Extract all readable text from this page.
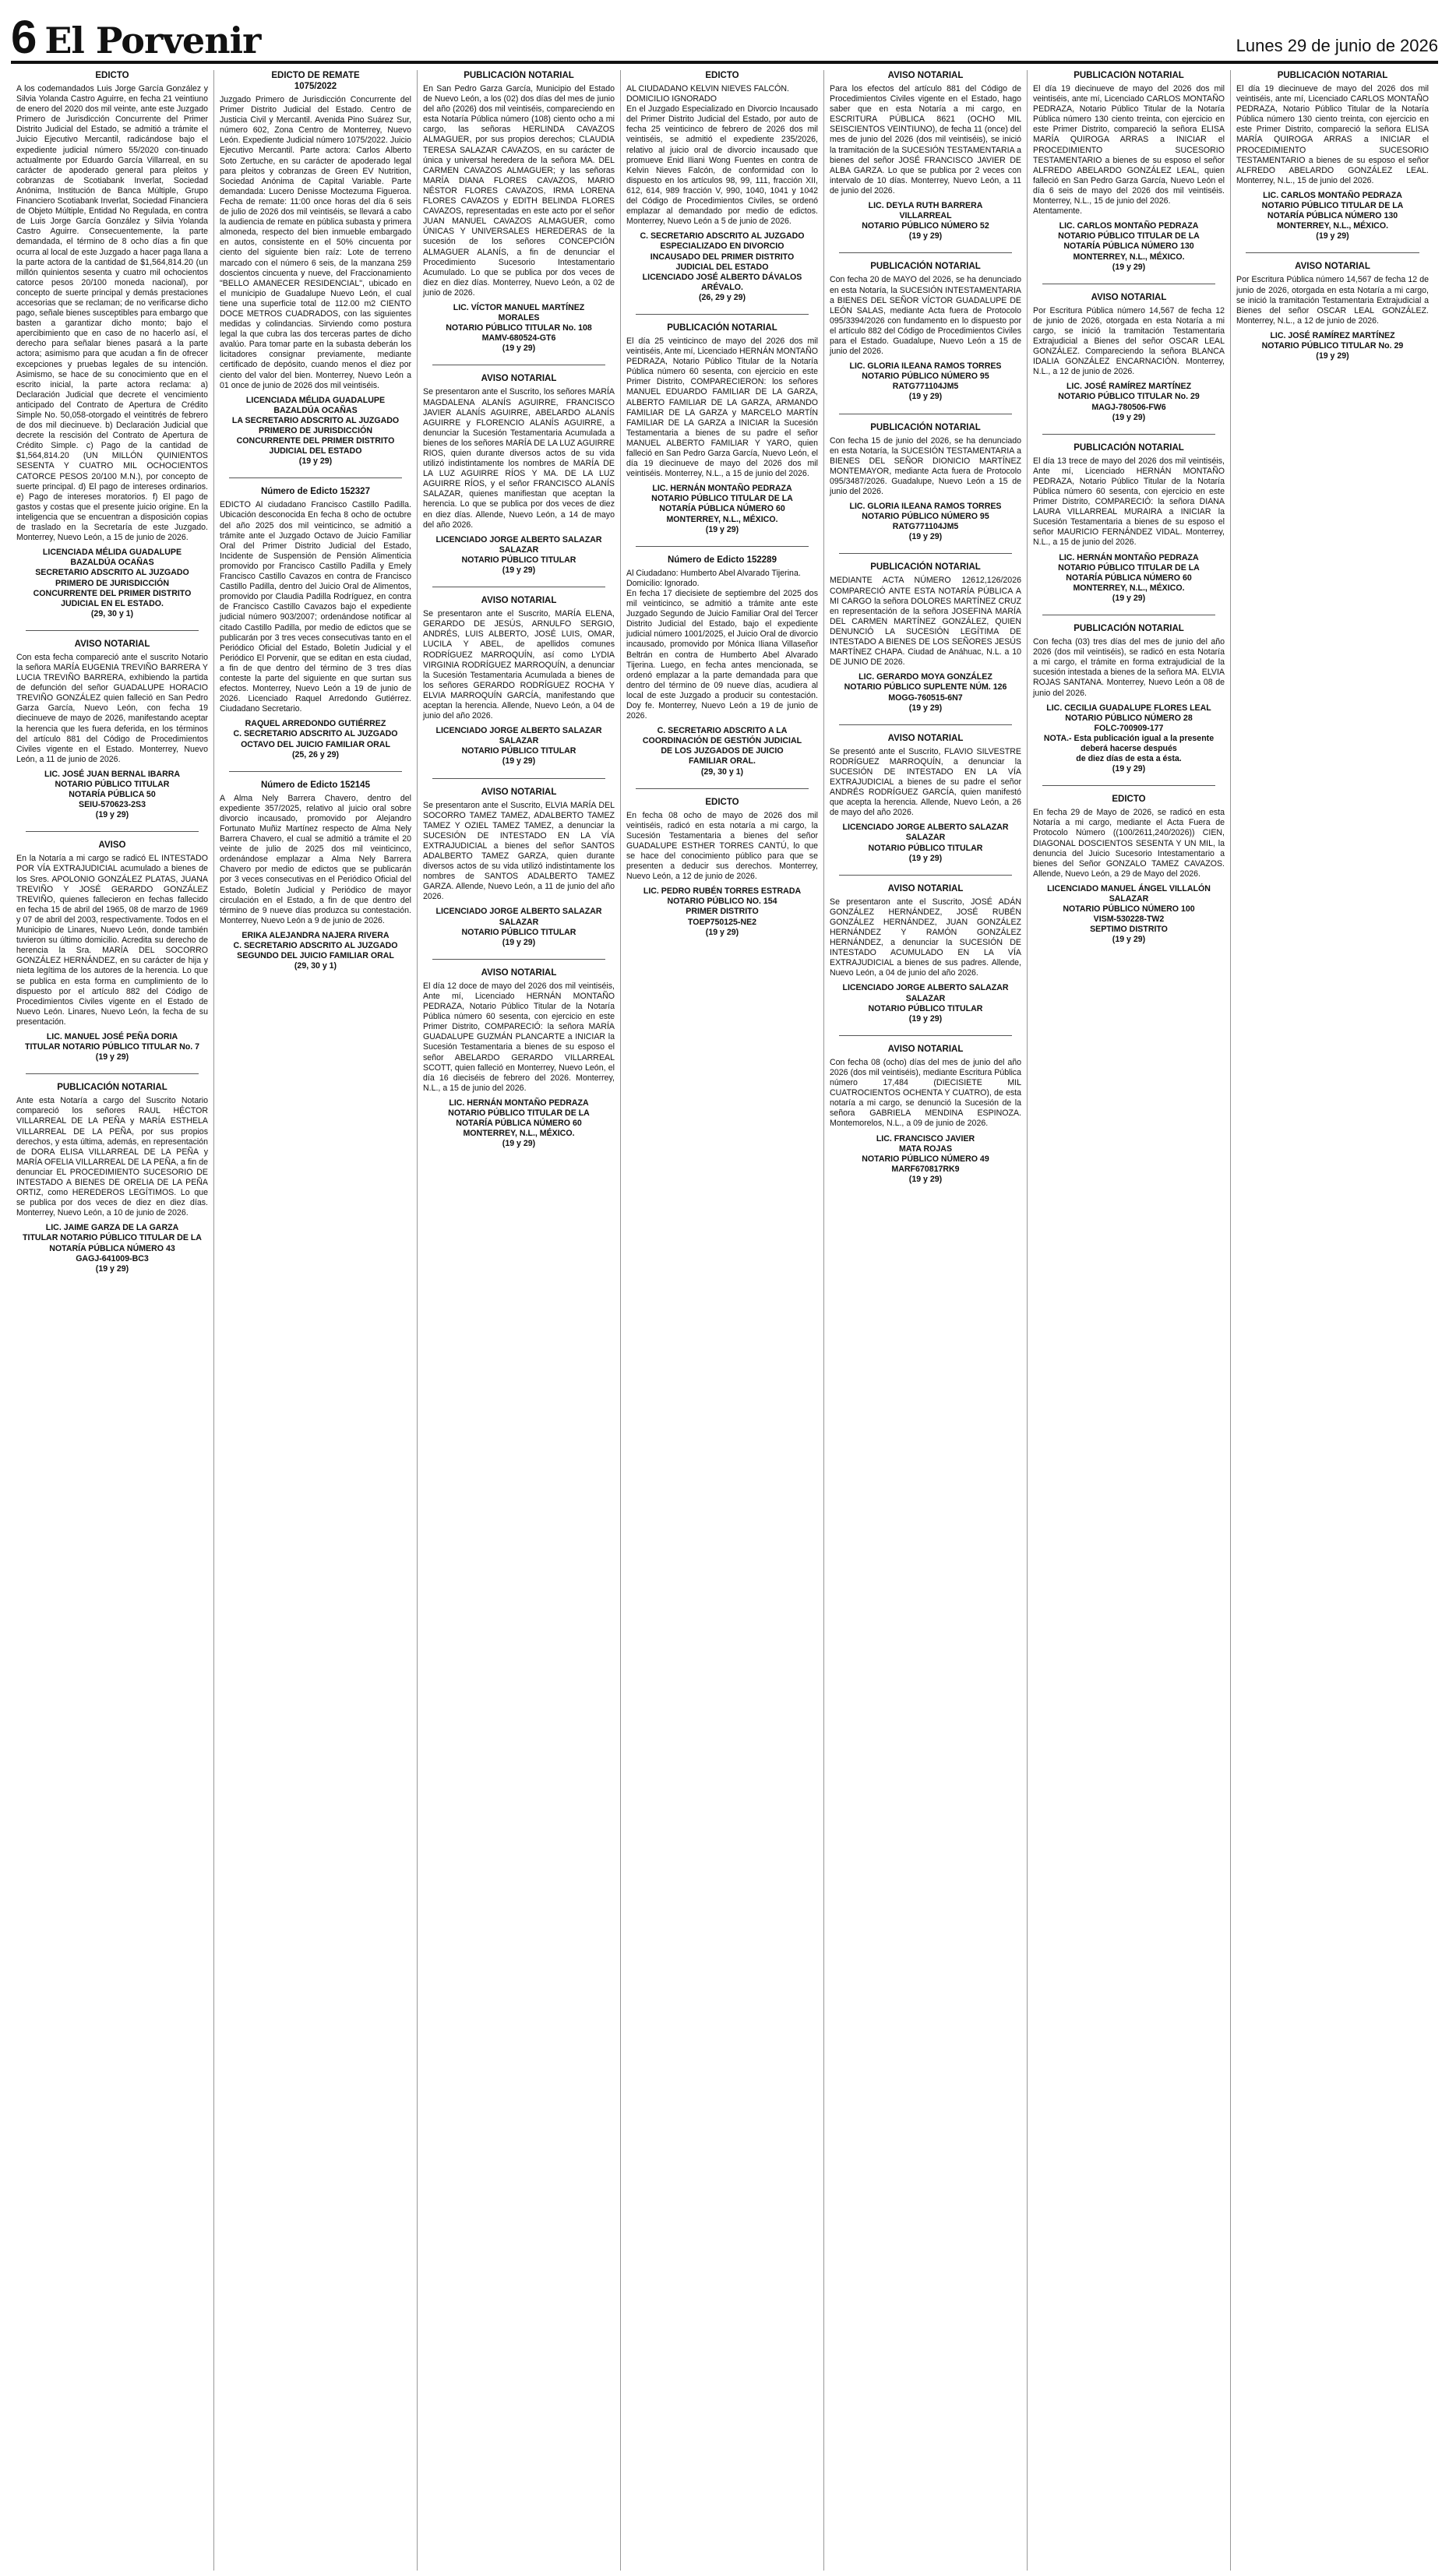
6 El Porvenir	Lunes 29 de junio de 2026

EDICTO

A los codemandados Luis Jorge García González y Silvia Yolanda Castro Aguirre, en fecha 21 veintiuno de enero del 2020 dos mil veinte, ante este Juzgado Primero de Jurisdicción Concurrente del Primer Distrito Judicial del Estado, se admitió a trámite el Juicio Ejecutivo Mercantil, radicándose bajo el expediente judicial número 55/2020 con-tinuado actualmente por Eduardo García Villarreal, en su carácter de apoderado general para pleitos y cobranzas de Scotiabank Inverlat, Sociedad Anónima, Institución de Banca Múltiple, Grupo Financiero Scotiabank Inverlat, Sociedad Financiera de Objeto Múltiple, Entidad No Regulada, en contra de Luis Jorge García González y Silvia Yolanda Castro Aguirre. Consecuentemente, la parte demandada, el término de 8 ocho días a fin que ocurra al local de este Juzgado a hacer paga llana a la parte actora de la cantidad de $1,564,814.20 (un millón quinientos sesenta y cuatro mil ochocientos catorce pesos 20/100 moneda nacional), por concepto de suerte principal y demás prestaciones accesorias que se reclaman; de no verificarse dicho pago, señale bienes susceptibles para embargo que basten a garantizar dicho monto; bajo el apercibimiento que en caso de no hacerlo así, el derecho para señalar bienes pasará a la parte actora; asimismo para que acudan a fin de ofrecer excepciones y pruebas legales de su intención. Asimismo, se hace de su conocimiento que en el escrito inicial, la parte actora reclama: a) Declaración Judicial que decrete el vencimiento anticipado del Contrato de Apertura de Crédito Simple No. 50,058-otorgado el veintitrés de febrero de dos mil diecinueve. b) Declaración Judicial que decrete la rescisión del Contrato de Apertura de Crédito Simple. c) Pago de la cantidad de $1,564,814.20 (UN MILLÓN QUINIENTOS SESENTA Y CUATRO MIL OCHOCIENTOS CATORCE PESOS 20/100 M.N.), por concepto de suerte principal. d) El pago de intereses ordinarios. e) Pago de intereses moratorios. f) El pago de gastos y costas que el presente juicio origine. En la inteligencia que se encuentran a disposición copias de traslado en la Secretaría de este Juzgado. Monterrey, Nuevo León, a 15 de junio de 2026.

LICENCIADA MÉLIDA GUADALUPE
BAZALDÚA OCAÑAS
SECRETARIO ADSCRITO AL JUZGADO
PRIMERO DE JURISDICCIÓN
CONCURRENTE DEL PRIMER DISTRITO
JUDICIAL EN EL ESTADO.
(29, 30 y 1)

AVISO NOTARIAL

Con esta fecha compareció ante el suscrito Notario la señora MARÍA EUGENIA TREVIÑO BARRERA Y LUCIA TREVIÑO BARRERA, exhibiendo la partida de defunción del señor GUADALUPE HORACIO TREVIÑO GONZÁLEZ quien falleció en San Pedro Garza García, Nuevo León, con fecha 19 diecinueve de mayo de 2026, manifestando aceptar la herencia que les fuera deferida, en los términos del artículo 881 del Código de Procedimientos Civiles vigente en el Estado. Monterrey, Nuevo León, a 11 de junio de 2026.

LIC. JOSÉ JUAN BERNAL IBARRA
NOTARIO PÚBLICO TITULAR
NOTARÍA PÚBLICA 50
SEIU-570623-2S3
(19 y 29)

AVISO

En la Notaría a mi cargo se radicó EL INTESTADO POR VÍA EXTRAJUDICIAL acumulado a bienes de los Sres. APOLONIO GONZÁLEZ PLATAS, JUANA TREVIÑO Y JOSÉ GERARDO GONZÁLEZ TREVIÑO, quienes fallecieron en fechas fallecido en fecha 15 de abril del 1965, 08 de marzo de 1969 y 07 de abril del 2003, respectivamente. Todos en el Municipio de Linares, Nuevo León, donde también tuvieron su último domicilio. Acredita su derecho de herencia la Sra. MARÍA DEL SOCORRO GONZÁLEZ HERNÁNDEZ, en su carácter de hija y nieta legítima de los autores de la herencia. Lo que se publica en esta forma en cumplimiento de lo dispuesto por el artículo 882 del Código de Procedimientos Civiles vigente en el Estado de Nuevo León. Linares, Nuevo León, la fecha de su presentación.

LIC. MANUEL JOSÉ PEÑA DORIA
TITULAR NOTARIO PÚBLICO TITULAR No. 7
(19 y 29)

PUBLICACIÓN NOTARIAL

Ante esta Notaría a cargo del Suscrito Notario compareció los señores RAUL HÉCTOR VILLARREAL DE LA PEÑA y MARÍA ESTHELA VILLARREAL DE LA PEÑA, por sus propios derechos, y esta última, además, en representación de DORA ELISA VILLARREAL DE LA PEÑA y MARÍA OFELIA VILLARREAL DE LA PEÑA, a fin de denunciar EL PROCEDIMIENTO SUCESORIO DE INTESTADO A BIENES DE ORELIA DE LA PEÑA ORTIZ, como HEREDEROS LEGÍTIMOS. Lo que se publica por dos veces de diez en diez días. Monterrey, Nuevo León, a 10 de junio de 2026.

LIC. JAIME GARZA DE LA GARZA
TITULAR NOTARIO PÚBLICO TITULAR DE LA
NOTARÍA PÚBLICA NÚMERO 43
GAGJ-641009-BC3
(19 y 29)

EDICTO DE REMATE
1075/2022

Juzgado Primero de Jurisdicción Concurrente del Primer Distrito Judicial del Estado. Centro de Justicia Civil y Mercantil. Avenida Pino Suárez Sur, número 602, Zona Centro de Monterrey, Nuevo León. Expediente Judicial número 1075/2022. Juicio Ejecutivo Mercantil. Parte actora: Carlos Alberto Soto Zertuche, en su carácter de apoderado legal para pleitos y cobranzas de Green EV Nutrition, Sociedad Anónima de Capital Variable. Parte demandada: Lucero Denisse Moctezuma Figueroa. Fecha de remate: 11:00 once horas del día 6 seis de julio de 2026 dos mil veintiséis, se llevará a cabo la audiencia de remate en pública subasta y primera almoneda, respecto del bien inmueble embargado en autos, consistente en el 50% cincuenta por ciento del siguiente bien raíz: Lote de terreno marcado con el número 6 seis, de la manzana 259 doscientos cincuenta y nueve, del Fraccionamiento "BELLO AMANECER RESIDENCIAL", ubicado en el municipio de Guadalupe Nuevo León, el cual tiene una superficie total de 112.00 m2 CIENTO DOCE METROS CUADRADOS, con las siguientes medidas y colindancias. Sirviendo como postura legal la que cubra las dos terceras partes de dicho avalúo. Para tomar parte en la subasta deberán los licitadores consignar previamente, mediante certificado de depósito, cuando menos el diez por ciento del valor del bien. Monterrey, Nuevo León a 01 once de junio de 2026 dos mil veintiséis.

LICENCIADA MÉLIDA GUADALUPE
BAZALDÚA OCAÑAS
LA SECRETARIO ADSCRITO AL JUZGADO
PRIMERO DE JURISDICCIÓN
CONCURRENTE DEL PRIMER DISTRITO
JUDICIAL DEL ESTADO
(19 y 29)

Número de Edicto 152327

EDICTO Al ciudadano Francisco Castillo Padilla. Ubicación desconocida En fecha 8 ocho de octubre del año 2025 dos mil veinticinco, se admitió a trámite ante el Juzgado Octavo de Juicio Familiar Oral del Primer Distrito Judicial del Estado, Incidente de Suspensión de Pensión Alimenticia promovido por Francisco Castillo Padilla y Emely Francisco Castillo Cavazos en contra de Francisco Castillo Padilla, dentro del Juicio Oral de Alimentos, promovido por Claudia Padilla Rodríguez, en contra de Francisco Castillo Cavazos bajo el expediente judicial número 903/2007; ordenándose notificar al citado Castillo Padilla, por medio de edictos que se publicarán por 3 tres veces consecutivas tanto en el Periódico Oficial del Estado, Boletín Judicial y el Periódico El Porvenir, que se editan en esta ciudad, a fin de que dentro del término de 3 tres días conteste la parte del siguiente en que surtan sus efectos. Monterrey, Nuevo León a 19 de junio de 2026. Licenciado Raquel Arredondo Gutiérrez. Ciudadano Secretario.

RAQUEL ARREDONDO GUTIÉRREZ
C. SECRETARIO ADSCRITO AL JUZGADO
OCTAVO DEL JUICIO FAMILIAR ORAL
(25, 26 y 29)

Número de Edicto 152145

A Alma Nely Barrera Chavero, dentro del expediente 357/2025, relativo al juicio oral sobre divorcio incausado, promovido por Alejandro Fortunato Muñiz Martínez respecto de Alma Nely Barrera Chavero, el cual se admitió a trámite el 20 veinte de julio de 2025 dos mil veinticinco, ordenándose emplazar a Alma Nely Barrera Chavero por medio de edictos que se publicarán por 3 veces consecutivas en el Periódico Oficial del Estado, Boletín Judicial y Periódico de mayor circulación en el Estado, a fin de que dentro del término de 9 nueve días produzca su contestación. Monterrey, Nuevo León a 9 de junio de 2026.

ERIKA ALEJANDRA NAJERA RIVERA
C. SECRETARIO ADSCRITO AL JUZGADO
SEGUNDO DEL JUICIO FAMILIAR ORAL
(29, 30 y 1)

PUBLICACIÓN NOTARIAL

En San Pedro Garza García, Municipio del Estado de Nuevo León, a los (02) dos días del mes de junio del año (2026) dos mil veintiséis, compareciendo en esta Notaría Pública número (108) ciento ocho a mi cargo, las señoras HERLINDA CAVAZOS ALMAGUER, por sus propios derechos; CLAUDIA TERESA SALAZAR CAVAZOS, en su carácter de única y universal heredera de la señora MA. DEL CARMEN CAVAZOS ALMAGUER; y las señoras MARÍA DIANA FLORES CAVAZOS, MARIO NÉSTOR FLORES CAVAZOS, IRMA LORENA FLORES CAVAZOS y EDITH BELINDA FLORES CAVAZOS, representadas en este acto por el señor JUAN MANUEL CAVAZOS ALMAGUER, como ÚNICAS Y UNIVERSALES HEREDERAS de la sucesión de los señores CONCEPCIÓN ALMAGUER ALANÍS, a fin de denunciar el Procedimiento Sucesorio Intestamentario Acumulado. Lo que se publica por dos veces de diez en diez días. Monterrey, Nuevo León, a 02 de junio de 2026.

LIC. VÍCTOR MANUEL MARTÍNEZ
MORALES
NOTARIO PÚBLICO TITULAR No. 108
MAMV-680524-GT6
(19 y 29)

AVISO NOTARIAL

Se presentaron ante el Suscrito, los señores MARÍA MAGDALENA ALANÍS AGUIRRE, FRANCISCO JAVIER ALANÍS AGUIRRE, ABELARDO ALANÍS AGUIRRE y FLORENCIO ALANÍS AGUIRRE, a denunciar la Sucesión Testamentaria Acumulada a bienes de los señores MARÍA DE LA LUZ AGUIRRE RIOS, quien durante diversos actos de su vida utilizó indistintamente los nombres de MARÍA DE LA LUZ AGUIRRE RÍOS Y MA. DE LA LUZ AGUIRRE RÍOS, y el señor FRANCISCO ALANÍS SALAZAR, quienes manifiestan que aceptan la herencia. Lo que se publica por dos veces de diez en diez días. Allende, Nuevo León, a 14 de mayo del año 2026.

LICENCIADO JORGE ALBERTO SALAZAR
SALAZAR
NOTARIO PÚBLICO TITULAR
(19 y 29)

AVISO NOTARIAL

Se presentaron ante el Suscrito, MARÍA ELENA, GERARDO DE JESÚS, ARNULFO SERGIO, ANDRÉS, LUIS ALBERTO, JOSÉ LUIS, OMAR, LUCILA Y ABEL, de apellidos comunes RODRÍGUEZ MARROQUÍN, así como LYDIA VIRGINIA RODRÍGUEZ MARROQUÍN, a denunciar la Sucesión Testamentaria Acumulada a bienes de los señores GERARDO RODRÍGUEZ ROCHA Y ELVIA MARROQUÍN GARCÍA, manifestando que aceptan la herencia. Allende, Nuevo León, a 04 de junio del año 2026.

LICENCIADO JORGE ALBERTO SALAZAR
SALAZAR
NOTARIO PÚBLICO TITULAR
(19 y 29)

AVISO NOTARIAL

Se presentaron ante el Suscrito, ELVIA MARÍA DEL SOCORRO TAMEZ TAMEZ, ADALBERTO TAMEZ TAMEZ Y OZIEL TAMEZ TAMEZ, a denunciar la SUCESIÓN DE INTESTADO EN LA VÍA EXTRAJUDICIAL a bienes del señor SANTOS ADALBERTO TAMEZ GARZA, quien durante diversos actos de su vida utilizó indistintamente los nombres de SANTOS ADALBERTO TAMEZ GARZA. Allende, Nuevo León, a 11 de junio del año 2026.

LICENCIADO JORGE ALBERTO SALAZAR
SALAZAR
NOTARIO PÚBLICO TITULAR
(19 y 29)

AVISO NOTARIAL

El día 12 doce de mayo del 2026 dos mil veintiséis, Ante mí, Licenciado HERNÁN MONTAÑO PEDRAZA, Notario Público Titular de la Notaría Pública número 60 sesenta, con ejercicio en este Primer Distrito, COMPARECIÓ: la señora MARÍA GUADALUPE GUZMÁN PLANCARTE a INICIAR la Sucesión Testamentaria a bienes de su esposo el señor ABELARDO GERARDO VILLARREAL SCOTT, quien falleció en Monterrey, Nuevo León, el día 16 dieciséis de febrero del 2026. Monterrey, N.L., a 15 de junio del 2026.

LIC. HERNÁN MONTAÑO PEDRAZA
NOTARIO PÚBLICO TITULAR DE LA
NOTARÍA PÚBLICA NÚMERO 60
MONTERREY, N.L., MÉXICO.
(19 y 29)

EDICTO

AL CIUDADANO KELVIN NIEVES FALCÓN.
DOMICILIO IGNORADO
En el Juzgado Especializado en Divorcio Incausado del Primer Distrito Judicial del Estado, por auto de fecha 25 veinticinco de febrero de 2026 dos mil veintiséis, se admitió el expediente 235/2026, relativo al juicio oral de divorcio incausado que promueve Enid Iliani Wong Fuentes en contra de Kelvin Nieves Falcón, de conformidad con lo dispuesto en los artículos 98, 99, 111, fracción XII, 612, 614, 989 fracción V, 990, 1040, 1041 y 1042 del Código de Procedimientos Civiles, se ordenó emplazar al demandado por medio de edictos. Monterrey, Nuevo León a 5 de junio de 2026.

C. SECRETARIO ADSCRITO AL JUZGADO
ESPECIALIZADO EN DIVORCIO
INCAUSADO DEL PRIMER DISTRITO
JUDICIAL DEL ESTADO
LICENCIADO JOSÉ ALBERTO DÁVALOS
ARÉVALO.
(26, 29 y 29)

PUBLICACIÓN NOTARIAL

El día 25 veinticinco de mayo del 2026 dos mil veintiséis, Ante mí, Licenciado HERNÁN MONTAÑO PEDRAZA, Notario Público Titular de la Notaría Pública número 60 sesenta, con ejercicio en este Primer Distrito, COMPARECIERON: los señores MANUEL EDUARDO FAMILIAR DE LA GARZA, ALBERTO FAMILIAR DE LA GARZA, ARMANDO FAMILIAR DE LA GARZA y MARCELO MARTÍN FAMILIAR DE LA GARZA a INICIAR la Sucesión Testamentaria a bienes de su padre el señor MANUEL ALBERTO FAMILIAR Y YARO, quien falleció en San Pedro Garza García, Nuevo León, el día 19 diecinueve de mayo del 2026 dos mil veintiséis. Monterrey, N.L., a 15 de junio del 2026.

LIC. HERNÁN MONTAÑO PEDRAZA
NOTARIO PÚBLICO TITULAR DE LA
NOTARÍA PÚBLICA NÚMERO 60
MONTERREY, N.L., MÉXICO.
(19 y 29)

Número de Edicto 152289

Al Ciudadano: Humberto Abel Alvarado Tijerina.
Domicilio: Ignorado.
En fecha 17 diecisiete de septiembre del 2025 dos mil veinticinco, se admitió a trámite ante este Juzgado Segundo de Juicio Familiar Oral del Tercer Distrito Judicial del Estado, bajo el expediente judicial número 1001/2025, el Juicio Oral de divorcio incausado, promovido por Mónica Iliana Villaseñor Beltrán en contra de Humberto Abel Alvarado Tijerina. Luego, en fecha antes mencionada, se ordenó emplazar a la parte demandada para que dentro del término de 09 nueve días, acudiera al local de este Juzgado a producir su contestación. Doy fe. Monterrey, Nuevo León a 19 de junio de 2026.

C. SECRETARIO ADSCRITO A LA
COORDINACIÓN DE GESTIÓN JUDICIAL
DE LOS JUZGADOS DE JUICIO
FAMILIAR ORAL.
(29, 30 y 1)

EDICTO

En fecha 08 ocho de mayo de 2026 dos mil veintiséis, radicó en esta notaría a mi cargo, la Sucesión Testamentaria a bienes del señor GUADALUPE ESTHER TORRES CANTÚ, lo que se hace del conocimiento público para que se presenten a deducir sus derechos. Monterrey, Nuevo León, a 12 de junio de 2026.

LIC. PEDRO RUBÉN TORRES ESTRADA
NOTARIO PÚBLICO NO. 154
PRIMER DISTRITO
TOEP750125-NE2
(19 y 29)

AVISO NOTARIAL

Para los efectos del artículo 881 del Código de Procedimientos Civiles vigente en el Estado, hago saber que en esta Notaría a mi cargo, en ESCRITURA PÚBLICA 8621 (OCHO MIL SEISCIENTOS VEINTIUNO), de fecha 11 (once) del mes de junio del 2026 (dos mil veintiséis), se inició la tramitación de la SUCESIÓN TESTAMENTARIA a bienes del señor JOSÉ FRANCISCO JAVIER DE ALBA GARZA. Lo que se publica por 2 veces con intervalo de 10 días. Monterrey, Nuevo León, a 11 de junio del 2026.

LIC. DEYLA RUTH BARRERA
VILLARREAL
NOTARIO PÚBLICO NÚMERO 52
(19 y 29)

PUBLICACIÓN NOTARIAL

Con fecha 20 de MAYO del 2026, se ha denunciado en esta Notaría, la SUCESIÓN INTESTAMENTARIA a BIENES DEL SEÑOR VÍCTOR GUADALUPE DE LEÓN SALAS, mediante Acta fuera de Protocolo 095/3394/2026 con fundamento en lo dispuesto por el artículo 882 del Código de Procedimientos Civiles para el Estado. Guadalupe, Nuevo León a 15 de junio del 2026.

LIC. GLORIA ILEANA RAMOS TORRES
NOTARIO PÚBLICO NÚMERO 95
RATG771104JM5
(19 y 29)

PUBLICACIÓN NOTARIAL

Con fecha 15 de junio del 2026, se ha denunciado en esta Notaría, la SUCESIÓN TESTAMENTARIA a BIENES DEL SEÑOR DIONICIO MARTÍNEZ MONTEMAYOR, mediante Acta fuera de Protocolo 095/3487/2026. Guadalupe, Nuevo León a 15 de junio del 2026.

LIC. GLORIA ILEANA RAMOS TORRES
NOTARIO PÚBLICO NÚMERO 95
RATG771104JM5
(19 y 29)

PUBLICACIÓN NOTARIAL

MEDIANTE ACTA NÚMERO 12612,126/2026 COMPARECIÓ ANTE ESTA NOTARÍA PÚBLICA A MI CARGO la señora DOLORES MARTÍNEZ CRUZ en representación de la señora JOSEFINA MARÍA DEL CARMEN MARTÍNEZ GONZÁLEZ, QUIEN DENUNCIÓ LA SUCESIÓN LEGÍTIMA DE INTESTADO A BIENES DE LOS SEÑORES JESÚS MARTÍNEZ CHAPA. Ciudad de Anáhuac, N.L. a 10 DE JUNIO DE 2026.

LIC. GERARDO MOYA GONZÁLEZ
NOTARIO PÚBLICO SUPLENTE NÚM. 126
MOGG-760515-6N7
(19 y 29)

AVISO NOTARIAL

Se presentó ante el Suscrito, FLAVIO SILVESTRE RODRÍGUEZ MARROQUÍN, a denunciar la SUCESIÓN DE INTESTADO EN LA VÍA EXTRAJUDICIAL a bienes de su padre el señor ANDRÉS RODRÍGUEZ GARCÍA, quien manifestó que acepta la herencia. Allende, Nuevo León, a 26 de mayo del año 2026.

LICENCIADO JORGE ALBERTO SALAZAR
SALAZAR
NOTARIO PÚBLICO TITULAR
(19 y 29)

AVISO NOTARIAL

Se presentaron ante el Suscrito, JOSÉ ADÁN GONZÁLEZ HERNÁNDEZ, JOSÉ RUBÉN GONZÁLEZ HERNÁNDEZ, JUAN GONZÁLEZ HERNÁNDEZ Y RAMÓN GONZÁLEZ HERNÁNDEZ, a denunciar la SUCESIÓN DE INTESTADO ACUMULADO EN LA VÍA EXTRAJUDICIAL a bienes de sus padres. Allende, Nuevo León, a 04 de junio del año 2026.

LICENCIADO JORGE ALBERTO SALAZAR
SALAZAR
NOTARIO PÚBLICO TITULAR
(19 y 29)

AVISO NOTARIAL

Con fecha 08 (ocho) días del mes de junio del año 2026 (dos mil veintiséis), mediante Escritura Pública número 17,484 (DIECISIETE MIL CUATROCIENTOS OCHENTA Y CUATRO), de esta notaría a mi cargo, se denunció la Sucesión de la señora GABRIELA MENDINA ESPINOZA. Montemorelos, N.L., a 09 de junio de 2026.

LIC. FRANCISCO JAVIER
MATA ROJAS
NOTARIO PÚBLICO NÚMERO 49
MARF670817RK9
(19 y 29)

PUBLICACIÓN NOTARIAL

El día 19 diecinueve de mayo del 2026 dos mil veintiséis, ante mí, Licenciado CARLOS MONTAÑO PEDRAZA, Notario Público Titular de la Notaría Pública número 130 ciento treinta, con ejercicio en este Primer Distrito, compareció la señora ELISA MARÍA QUIROGA ARRAS a INICIAR el PROCEDIMIENTO SUCESORIO TESTAMENTARIO a bienes de su esposo el señor ALFREDO ABELARDO GONZÁLEZ LEAL, quien falleció en San Pedro Garza García, Nuevo León el día 6 seis de mayo del 2026 dos mil veintiséis. Monterrey, N.L., 15 de junio del 2026.
Atentamente.

LIC. CARLOS MONTAÑO PEDRAZA
NOTARIO PÚBLICO TITULAR DE LA
NOTARÍA PÚBLICA NÚMERO 130
MONTERREY, N.L., MÉXICO.
(19 y 29)

AVISO NOTARIAL

Por Escritura Pública número 14,567 de fecha 12 de junio de 2026, otorgada en esta Notaría a mi cargo, se inició la tramitación Testamentaria Extrajudicial a Bienes del señor OSCAR LEAL GONZÁLEZ. Compareciendo la señora BLANCA IDALIA GONZÁLEZ ENCARNACIÓN. Monterrey, N.L., a 12 de junio de 2026.

LIC. JOSÉ RAMÍREZ MARTÍNEZ
NOTARIO PÚBLICO TITULAR No. 29
MAGJ-780506-FW6
(19 y 29)

PUBLICACIÓN NOTARIAL

El día 13 trece de mayo del 2026 dos mil veintiséis, Ante mí, Licenciado HERNÁN MONTAÑO PEDRAZA, Notario Público Titular de la Notaría Pública número 60 sesenta, con ejercicio en este Primer Distrito, COMPARECIÓ: la señora DIANA LAURA VILLARREAL MURAIRA a INICIAR la Sucesión Testamentaria a bienes de su esposo el señor MAURICIO FERNÁNDEZ VIDAL. Monterrey, N.L., a 15 de junio del 2026.

LIC. HERNÁN MONTAÑO PEDRAZA
NOTARIO PÚBLICO TITULAR DE LA
NOTARÍA PÚBLICA NÚMERO 60
MONTERREY, N.L., MÉXICO.
(19 y 29)

PUBLICACIÓN NOTARIAL

Con fecha (03) tres días del mes de junio del año 2026 (dos mil veintiséis), se radicó en esta Notaría a mi cargo, el trámite en forma extrajudicial de la sucesión intestada a bienes de la señora MA. ELVIA ROJAS SANTANA. Monterrey, Nuevo León a 08 de junio del 2026.

LIC. CECILIA GUADALUPE FLORES LEAL
NOTARIO PÚBLICO NÚMERO 28
FOLC-700909-177
NOTA.- Esta publicación igual a la presente deberá hacerse después
de diez días de esta a ésta.
(19 y 29)

EDICTO

En fecha 29 de Mayo de 2026, se radicó en esta Notaría a mi cargo, mediante el Acta Fuera de Protocolo Número ((100/2611,240/2026)) CIEN, DIAGONAL DOSCIENTOS SESENTA Y UN MIL, la denuncia del Juicio Sucesorio Intestamentario a bienes del Señor GONZALO TAMEZ CAVAZOS. Allende, Nuevo León, a 29 de Mayo del 2026.

LICENCIADO MANUEL ÁNGEL VILLALÓN
SALAZAR
NOTARIO PÚBLICO NÚMERO 100
VISM-530228-TW2
SEPTIMO DISTRITO
(19 y 29)

PUBLICACIÓN NOTARIAL

El día 19 diecinueve de mayo del 2026 dos mil veintiséis, ante mí, Licenciado CARLOS MONTAÑO PEDRAZA, Notario Público Titular de la Notaría Pública número 130 ciento treinta, con ejercicio en este Primer Distrito, compareció la señora ELISA MARÍA QUIROGA ARRAS a INICIAR el PROCEDIMIENTO SUCESORIO TESTAMENTARIO a bienes de su esposo el señor ALFREDO ABELARDO GONZÁLEZ LEAL. Monterrey, N.L., 15 de junio del 2026.

LIC. CARLOS MONTAÑO PEDRAZA
NOTARIO PÚBLICO TITULAR DE LA
NOTARÍA PÚBLICA NÚMERO 130
MONTERREY, N.L., MÉXICO.
(19 y 29)

AVISO NOTARIAL

Por Escritura Pública número 14,567 de fecha 12 de junio de 2026, otorgada en esta Notaría a mi cargo, se inició la tramitación Testamentaria Extrajudicial a Bienes del señor OSCAR LEAL GONZÁLEZ. Monterrey, N.L., a 12 de junio de 2026.

LIC. JOSÉ RAMÍREZ MARTÍNEZ
NOTARIO PÚBLICO TITULAR No. 29
(19 y 29)
